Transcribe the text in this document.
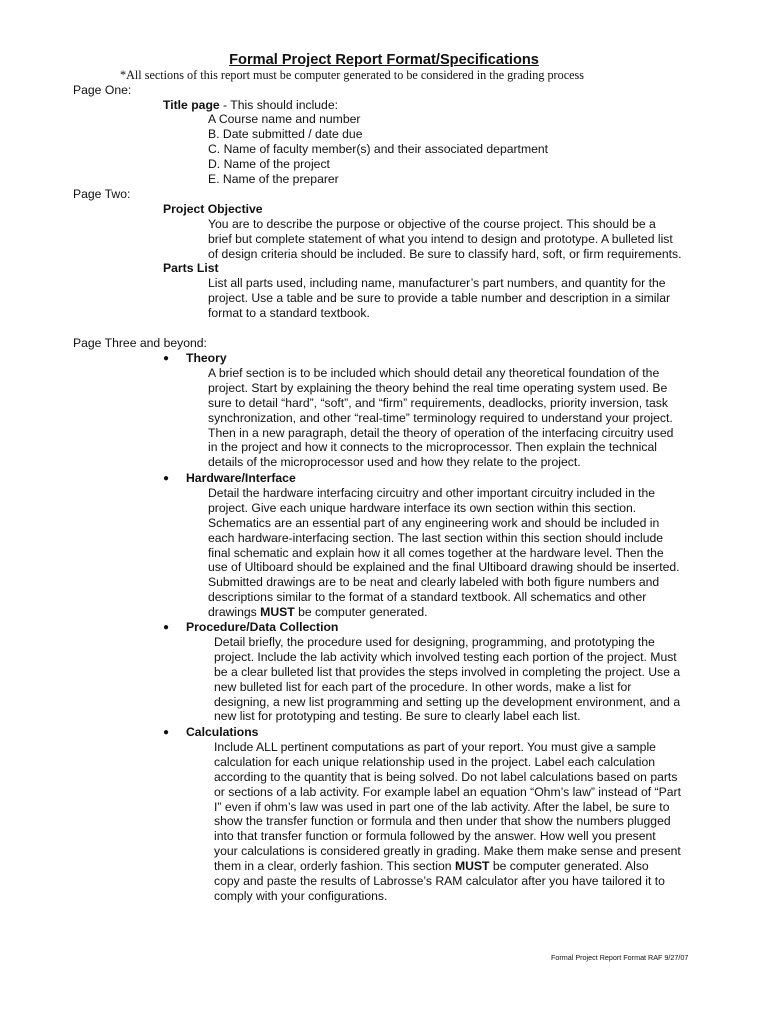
Formal Project Report Format/Specifications
*All sections of this report must be computer generated to be considered in the grading process
Page One:
Title page - This should include:
A Course name and number
B. Date submitted / date due
C. Name of faculty member(s) and their associated department
D. Name of the project
E. Name of the preparer
Page Two:
Project Objective
You are to describe the purpose or objective of the course project. This should be a
brief but complete statement of what you intend to design and prototype. A bulleted list
of design criteria should be included. Be sure to classify hard, soft, or firm requirements.
Parts List
List all parts used, including name, manufacturer’s part numbers, and quantity for the
project. Use a table and be sure to provide a table number and description in a similar
format to a standard textbook.
Page Three and beyond:
● Theory
A brief section is to be included which should detail any theoretical foundation of the
project. Start by explaining the theory behind the real time operating system used. Be
sure to detail “hard”, “soft”, and “firm” requirements, deadlocks, priority inversion, task
synchronization, and other “real-time” terminology required to understand your project.
Then in a new paragraph, detail the theory of operation of the interfacing circuitry used
in the project and how it connects to the microprocessor. Then explain the technical
details of the microprocessor used and how they relate to the project.
● Hardware/Interface
Detail the hardware interfacing circuitry and other important circuitry included in the
project. Give each unique hardware interface its own section within this section.
Schematics are an essential part of any engineering work and should be included in
each hardware-interfacing section. The last section within this section should include
final schematic and explain how it all comes together at the hardware level. Then the
use of Ultiboard should be explained and the final Ultiboard drawing should be inserted.
Submitted drawings are to be neat and clearly labeled with both figure numbers and
descriptions similar to the format of a standard textbook. All schematics and other
drawings MUST be computer generated.
● Procedure/Data Collection
Detail briefly, the procedure used for designing, programming, and prototyping the
project. Include the lab activity which involved testing each portion of the project. Must
be a clear bulleted list that provides the steps involved in completing the project. Use a
new bulleted list for each part of the procedure. In other words, make a list for
designing, a new list programming and setting up the development environment, and a
new list for prototyping and testing. Be sure to clearly label each list.
● Calculations
Include ALL pertinent computations as part of your report. You must give a sample
calculation for each unique relationship used in the project. Label each calculation
according to the quantity that is being solved. Do not label calculations based on parts
or sections of a lab activity. For example label an equation “Ohm’s law” instead of “Part
I” even if ohm’s law was used in part one of the lab activity. After the label, be sure to
show the transfer function or formula and then under that show the numbers plugged
into that transfer function or formula followed by the answer. How well you present
your calculations is considered greatly in grading. Make them make sense and present
them in a clear, orderly fashion. This section MUST be computer generated. Also
copy and paste the results of Labrosse’s RAM calculator after you have tailored it to
comply with your configurations.
Formal Project Report Format RAF 9/27/07
